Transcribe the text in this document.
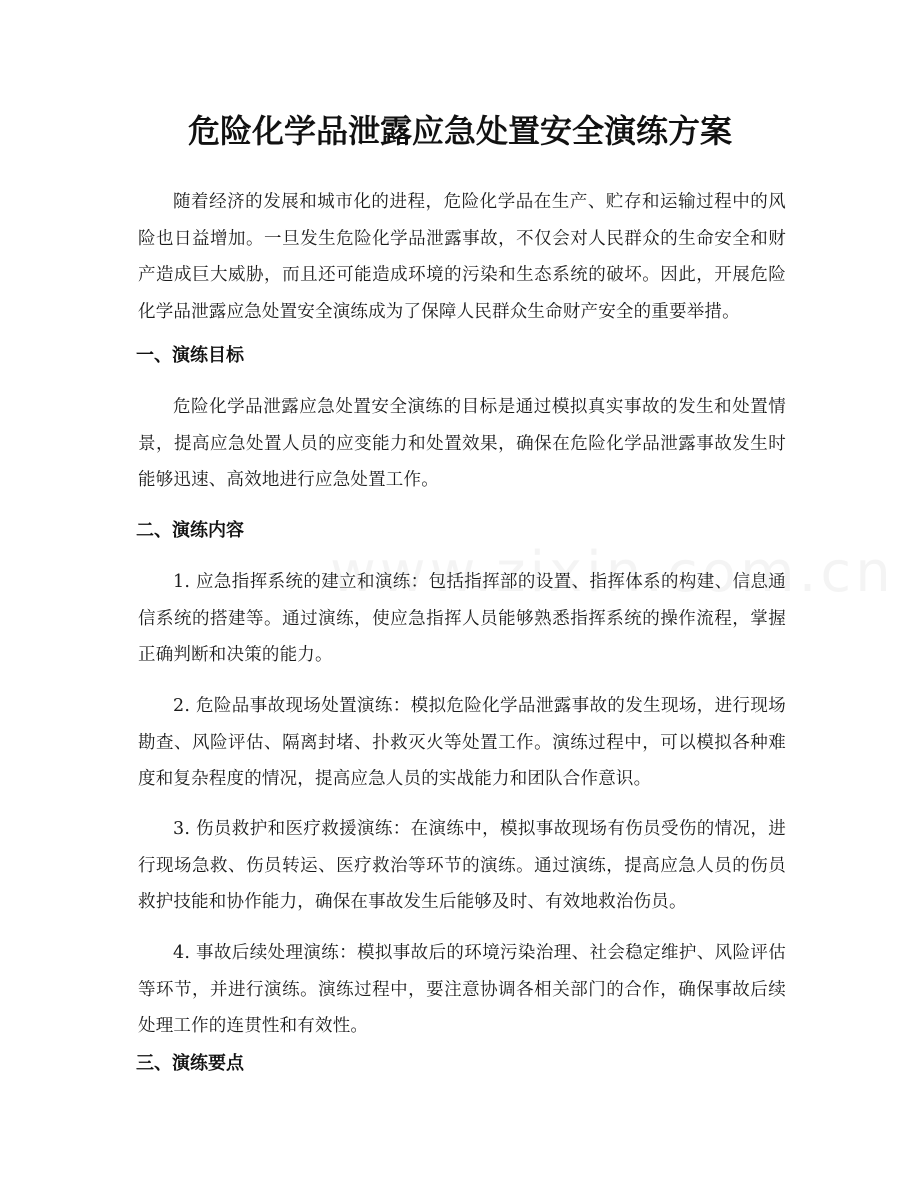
危险化学品泄露应急处置安全演练方案

随着经济的发展和城市化的进程，危险化学品在生产、贮存和运输过程中的风险也日益增加。一旦发生危险化学品泄露事故，不仅会对人民群众的生命安全和财产造成巨大威胁，而且还可能造成环境的污染和生态系统的破坏。因此，开展危险化学品泄露应急处置安全演练成为了保障人民群众生命财产安全的重要举措。

一、演练目标

危险化学品泄露应急处置安全演练的目标是通过模拟真实事故的发生和处置情景，提高应急处置人员的应变能力和处置效果，确保在危险化学品泄露事故发生时能够迅速、高效地进行应急处置工作。

二、演练内容

1. 应急指挥系统的建立和演练：包括指挥部的设置、指挥体系的构建、信息通信系统的搭建等。通过演练，使应急指挥人员能够熟悉指挥系统的操作流程，掌握正确判断和决策的能力。

2. 危险品事故现场处置演练：模拟危险化学品泄露事故的发生现场，进行现场勘查、风险评估、隔离封堵、扑救灭火等处置工作。演练过程中，可以模拟各种难度和复杂程度的情况，提高应急人员的实战能力和团队合作意识。

3. 伤员救护和医疗救援演练：在演练中，模拟事故现场有伤员受伤的情况，进行现场急救、伤员转运、医疗救治等环节的演练。通过演练，提高应急人员的伤员救护技能和协作能力，确保在事故发生后能够及时、有效地救治伤员。

4. 事故后续处理演练：模拟事故后的环境污染治理、社会稳定维护、风险评估等环节，并进行演练。演练过程中，要注意协调各相关部门的合作，确保事故后续处理工作的连贯性和有效性。

三、演练要点
